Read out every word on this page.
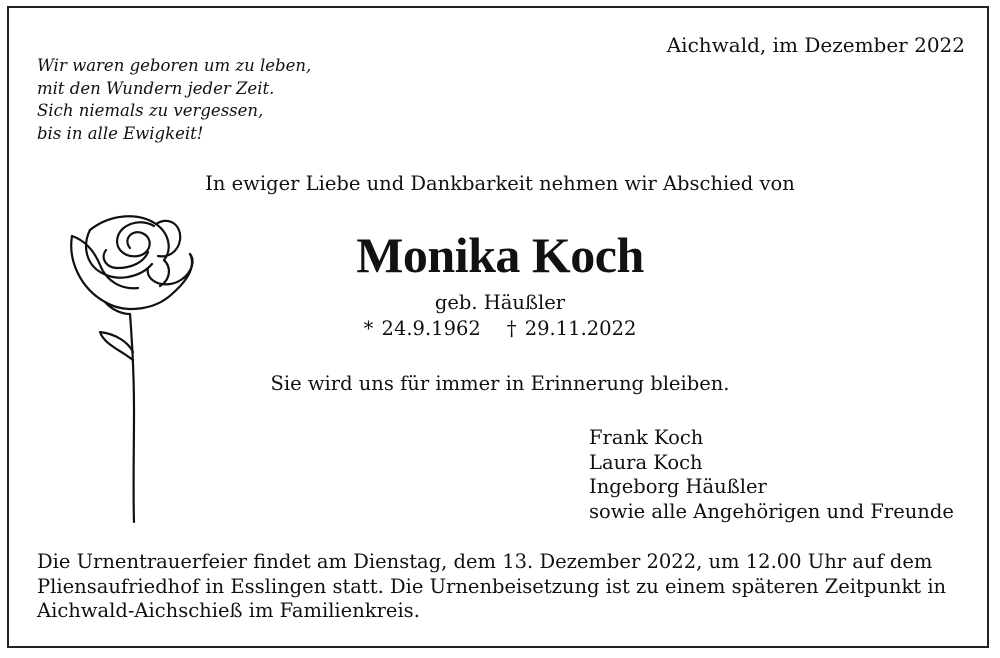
Aichwald, im Dezember 2022
Wir waren geboren um zu leben,
mit den Wundern jeder Zeit.
Sich niemals zu vergessen,
bis in alle Ewigkeit!
In ewiger Liebe und Dankbarkeit nehmen wir Abschied von
Monika Koch
geb. Häußler
* 24.9.1962 † 29.11.2022
Sie wird uns für immer in Erinnerung bleiben.
Frank Koch
Laura Koch
Ingeborg Häußler
sowie alle Angehörigen und Freunde
Die Urnentrauerfeier findet am Dienstag, dem 13. Dezember 2022, um 12.00 Uhr auf dem
Pliensaufriedhof in Esslingen statt. Die Urnenbeisetzung ist zu einem späteren Zeitpunkt in
Aichwald-Aichschieß im Familienkreis.
